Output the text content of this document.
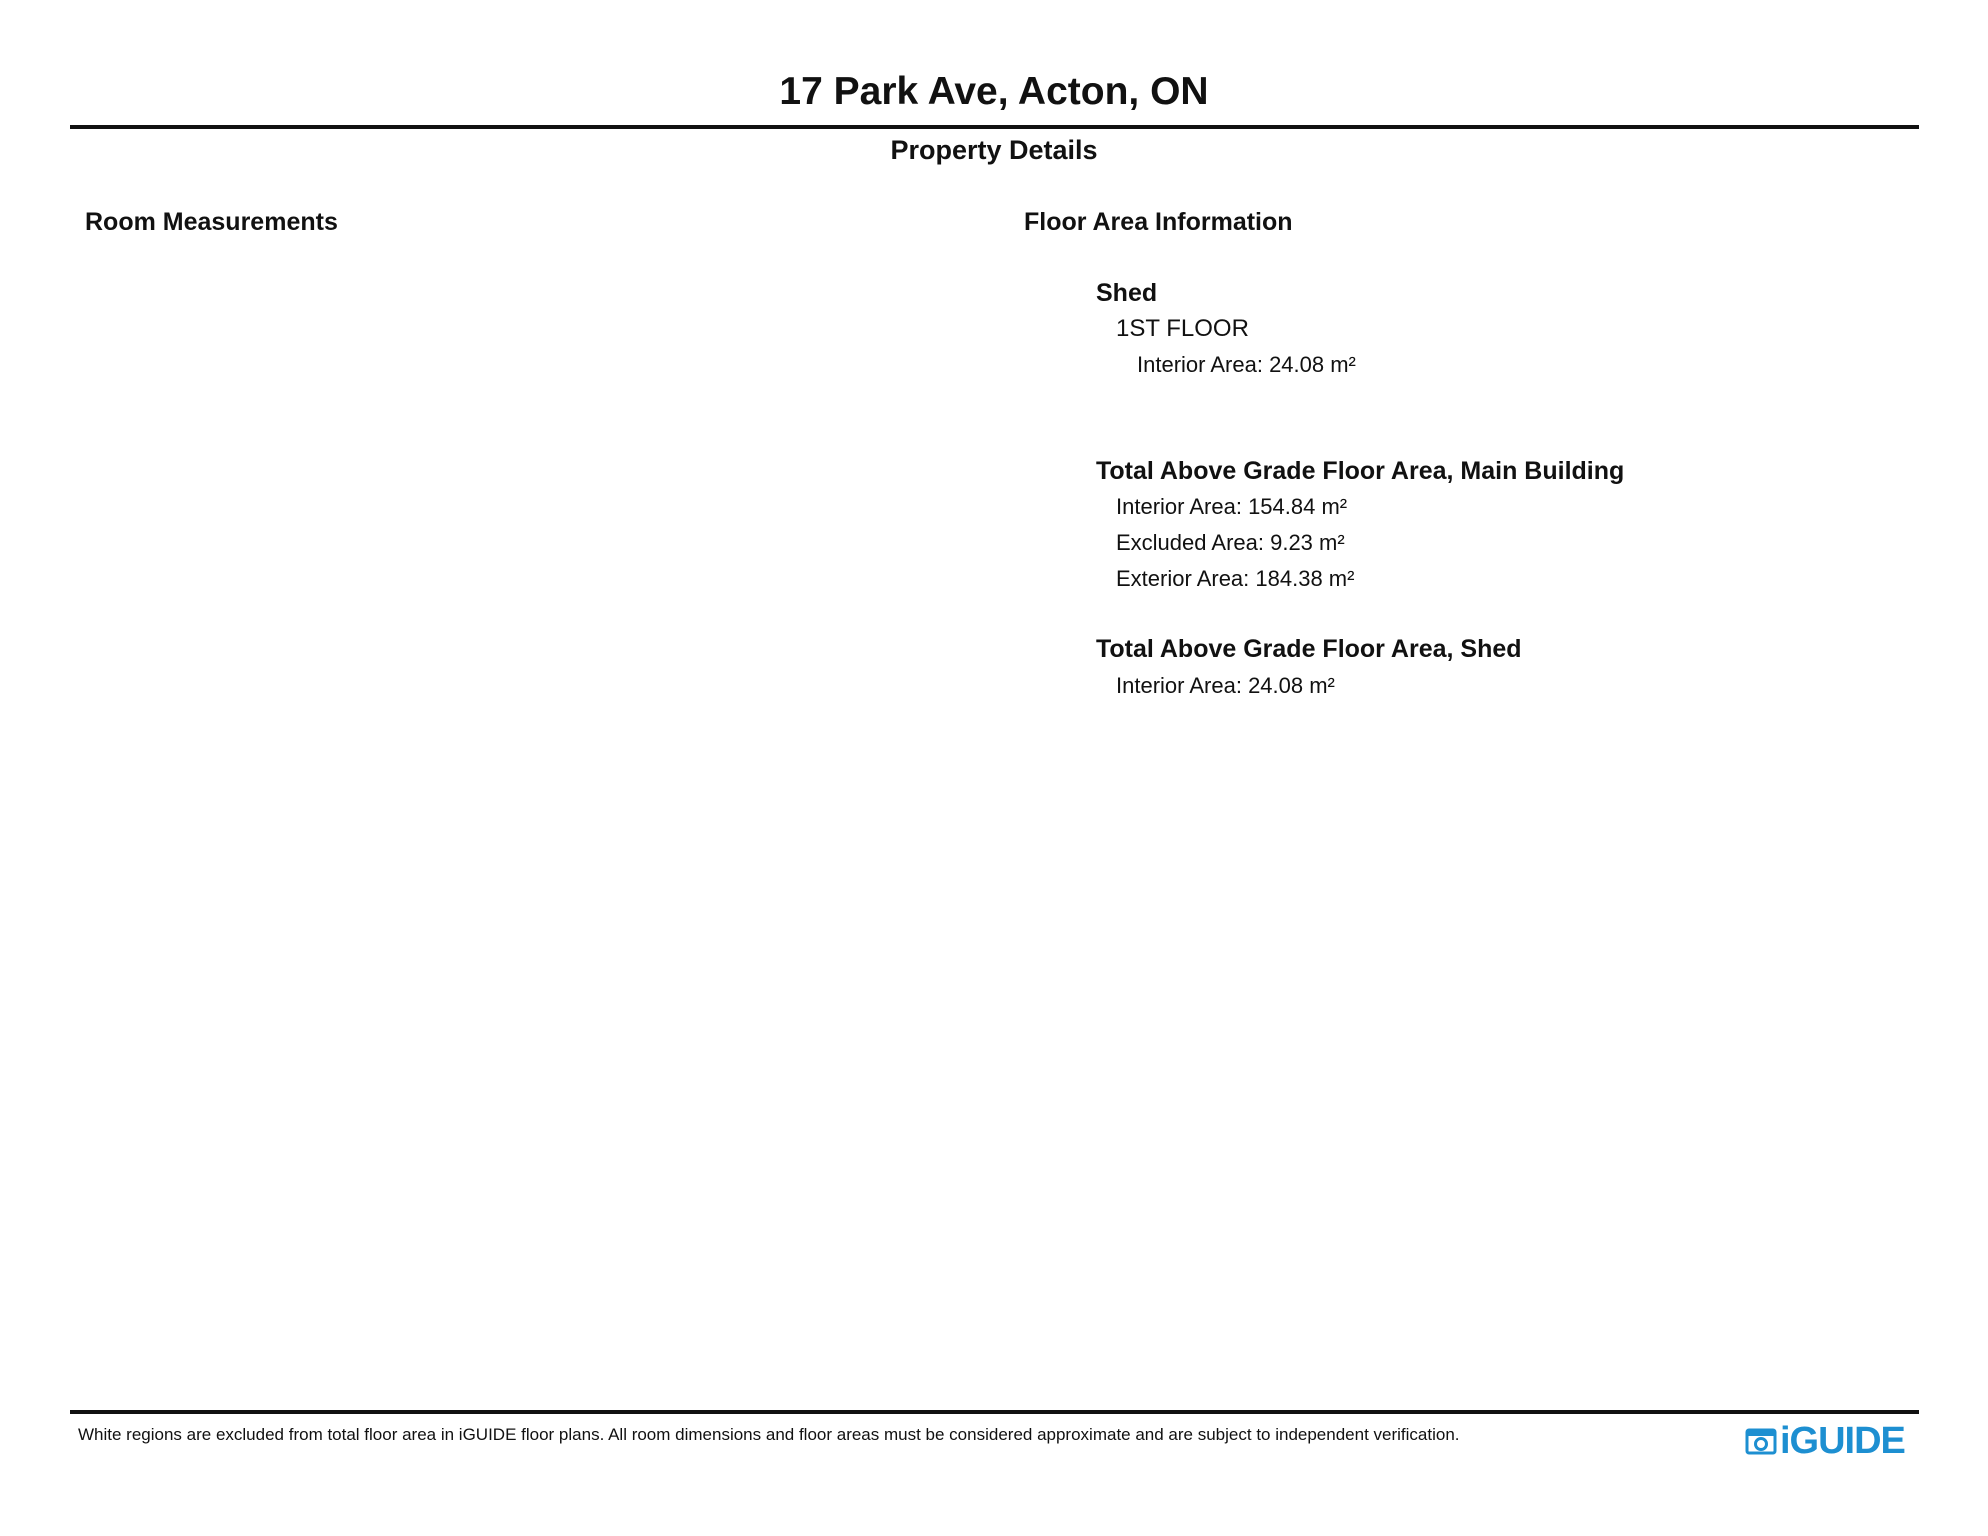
17 Park Ave, Acton, ON
Property Details
Room Measurements	Floor Area Information
Shed
1ST FLOOR
Interior Area: 24.08 m²
Total Above Grade Floor Area, Main Building
Interior Area: 154.84 m²
Excluded Area: 9.23 m²
Exterior Area: 184.38 m²
Total Above Grade Floor Area, Shed
Interior Area: 24.08 m²
White regions are excluded from total floor area in iGUIDE floor plans. All room dimensions and floor areas must be considered approximate and are subject to independent verification.	iGUIDE
